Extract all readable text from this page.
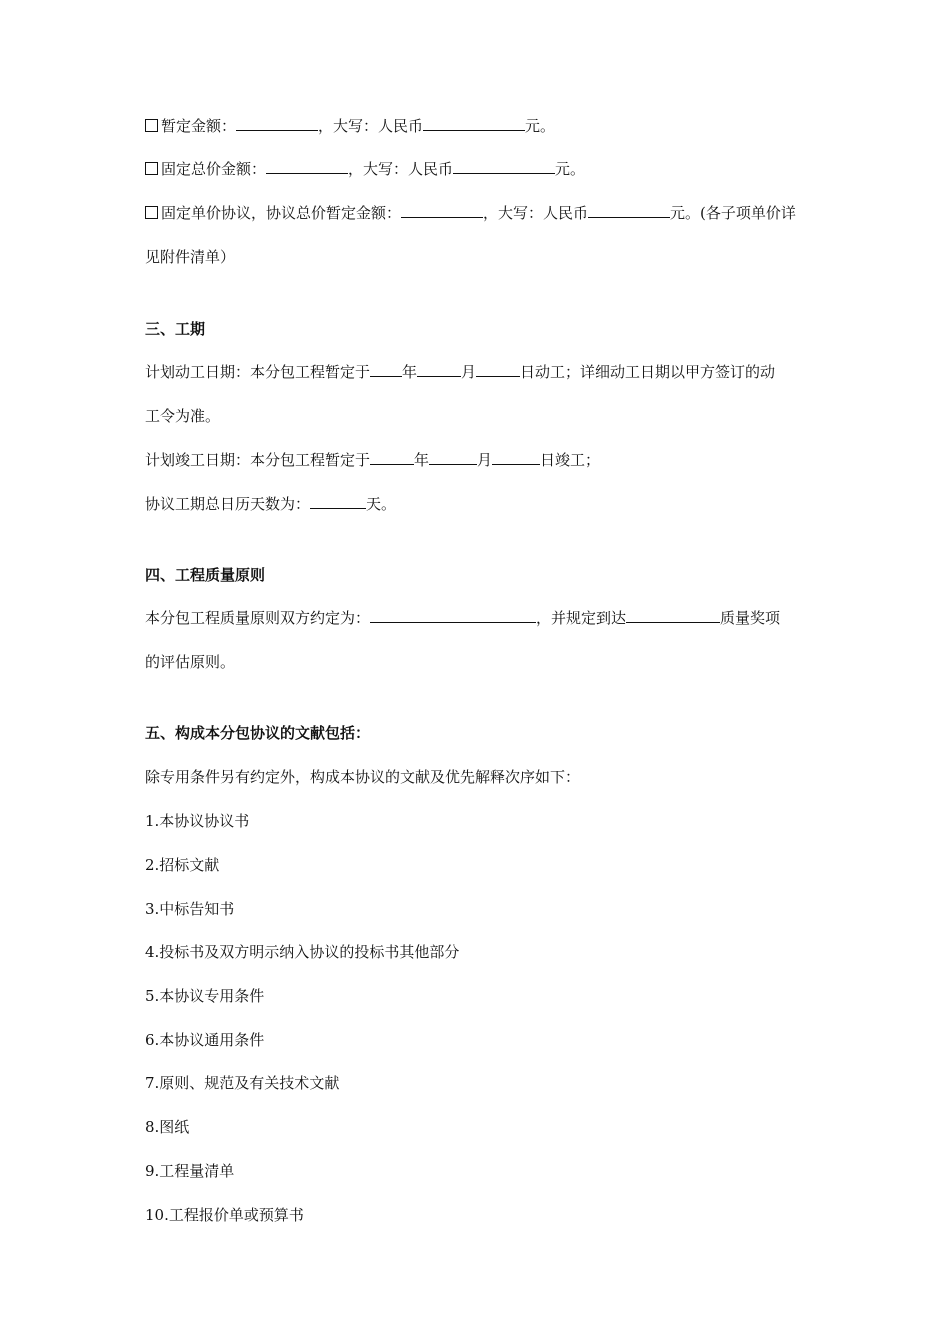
暂定金额：	，大写：人民币	元。
固定总价金额：	，大写：人民币	元。
固定单价协议，协议总价暂定金额：	，大写：人民币	元。(各子项单价详
见附件清单）
三、工期
计划动工日期：本分包工程暂定于 年	月	日动工；详细动工日期以甲方签订的动
工令为准。
计划竣工日期：本分包工程暂定于	年	月	日竣工；
协议工期总日历天数为：	天。
四、工程质量原则
本分包工程质量原则双方约定为：	，并规定到达	质量奖项
的评估原则。
五、构成本分包协议的文献包括：
除专用条件另有约定外，构成本协议的文献及优先解释次序如下：
1.本协议协议书
2.招标文献
3.中标告知书
4.投标书及双方明示纳入协议的投标书其他部分
5.本协议专用条件
6.本协议通用条件
7.原则、规范及有关技术文献
8.图纸
9.工程量清单
10.工程报价单或预算书
